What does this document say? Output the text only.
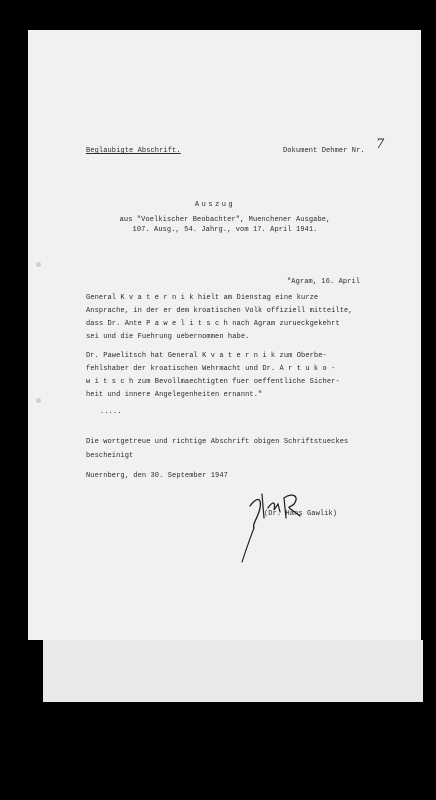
Beglaubigte Abschrift.	Dokument Dehmer Nr. 7
Auszug
aus "Voelkischer Beobachter", Muenchener Ausgabe,
107. Ausg., 54. Jahrg., vom 17. April 1941.
"Agram, 16. April
General K v a t e r n i k hielt am Dienstag eine kurze
Ansprache, in der er dem kroatischen Volk offiziell mitteilte,
dass Dr. Ante P a w e l i t s c h nach Agram zurueckgekehrt
sei und die Fuehrung uebernommen habe.
Dr. Pawelitsch hat General K v a t e r n i k zum Oberbe-
fehlshaber der kroatischen Wehrmacht und Dr. A r t u k o -
w i t s c h zum Bevollmaechtigten fuer oeffentliche Sicher-
heit und innere Angelegenheiten ernannt."
.....
Die wortgetreue und richtige Abschrift obigen Schriftstueckes
bescheinigt
Nuernberg, den 30. September 1947
(Dr. Hans Gawlik)
